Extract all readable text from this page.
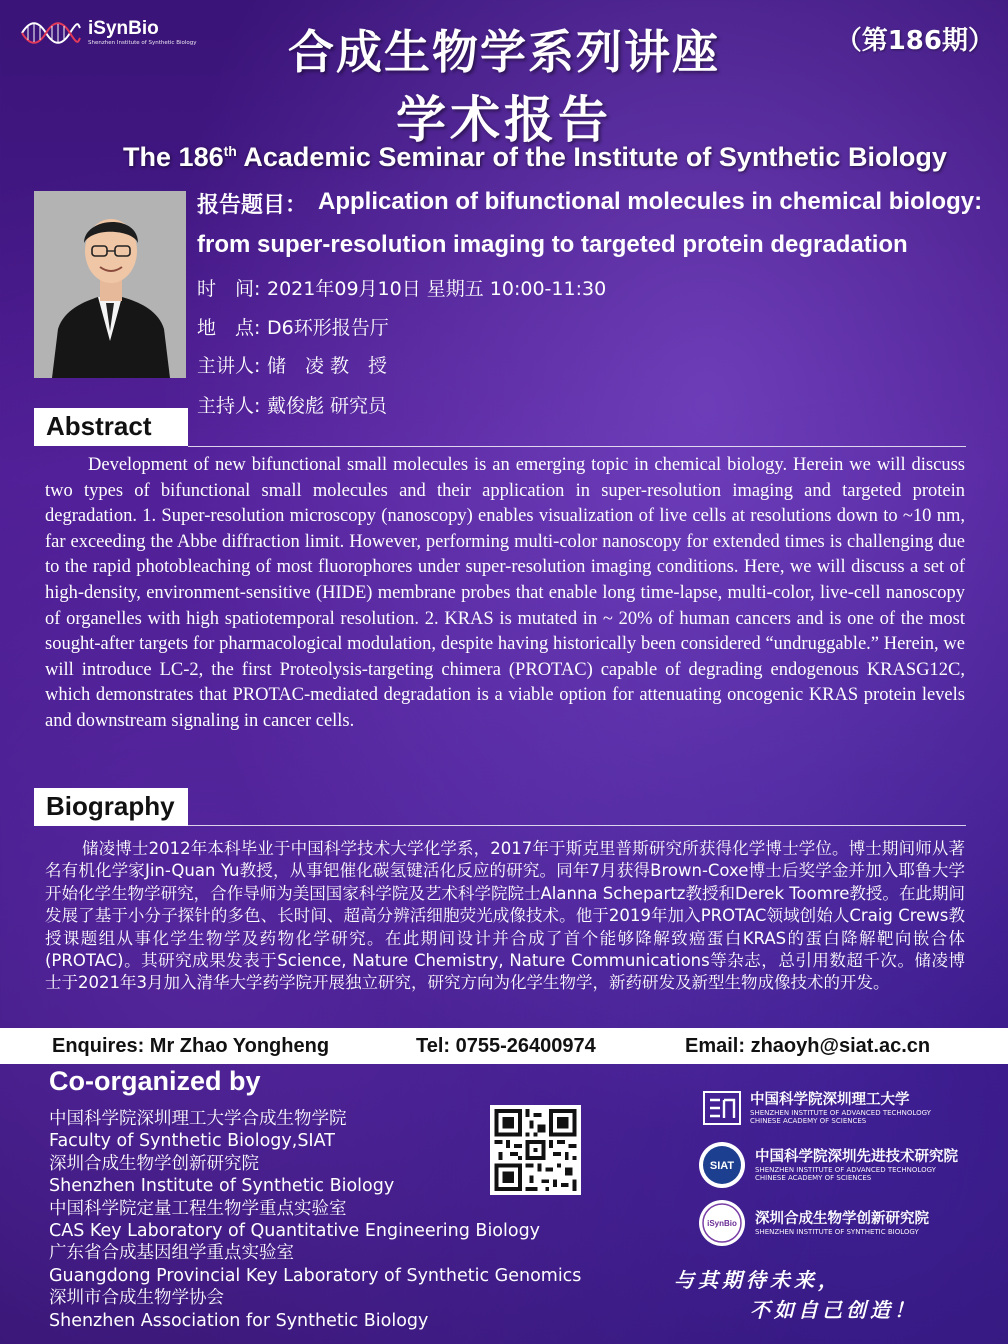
iSynBio
Shenzhen Institute of Synthetic Biology	合成生物学系列讲座	（第186期）
学术报告
The 186th Academic Seminar of the Institute of Synthetic Biology
报告题目： Application of bifunctional molecules in chemical biology:
from super-resolution imaging to targeted protein degradation
时　间: 2021年09月10日 星期五 10:00-11:30
地　点: D6环形报告厅
主讲人: 储　凌 教　授
主持人: 戴俊彪 研究员
Abstract
Development of new bifunctional small molecules is an emerging topic in chemical biology. Herein we will discuss two types of bifunctional small molecules and their application in super-resolution imaging and targeted protein degradation. 1. Super-resolution microscopy (nanoscopy) enables visualization of live cells at resolutions down to ~10 nm, far exceeding the Abbe diffraction limit. However, performing multi-color nanoscopy for extended times is challenging due to the rapid photobleaching of most fluorophores under super-resolution imaging conditions. Here, we will discuss a set of high-density, environment-sensitive (HIDE) membrane probes that enable long time-lapse, multi-color, live-cell nanoscopy of organelles with high spatiotemporal resolution. 2. KRAS is mutated in ~ 20% of human cancers and is one of the most sought-after targets for pharmacological modulation, despite having historically been considered “undruggable.” Herein, we will introduce LC-2, the first Proteolysis-targeting chimera (PROTAC) capable of degrading endogenous KRASG12C, which demonstrates that PROTAC-mediated degradation is a viable option for attenuating oncogenic KRAS protein levels and downstream signaling in cancer cells.
Biography
储凌博士2012年本科毕业于中国科学技术大学化学系，2017年于斯克里普斯研究所获得化学博士学位。博士期间师从著名有机化学家Jin-Quan Yu教授，从事钯催化碳氢键活化反应的研究。同年7月获得Brown-Coxe博士后奖学金并加入耶鲁大学开始化学生物学研究，合作导师为美国国家科学院及艺术科学院院士Alanna Schepartz教授和Derek Toomre教授。在此期间发展了基于小分子探针的多色、长时间、超高分辨活细胞荧光成像技术。他于2019年加入PROTAC领域创始人Craig Crews教授课题组从事化学生物学及药物化学研究。在此期间设计并合成了首个能够降解致癌蛋白KRAS的蛋白降解靶向嵌合体(PROTAC)。其研究成果发表于Science, Nature Chemistry, Nature Communications等杂志，总引用数超千次。储凌博士于2021年3月加入清华大学药学院开展独立研究，研究方向为化学生物学，新药研发及新型生物成像技术的开发。
Enquires: Mr Zhao Yongheng	Tel: 0755-26400974	Email: zhaoyh@siat.ac.cn
Co-organized by
中国科学院深圳理工大学合成生物学院
Faculty of Synthetic Biology,SIAT
深圳合成生物学创新研究院
Shenzhen Institute of Synthetic Biology
中国科学院定量工程生物学重点实验室
CAS Key Laboratory of Quantitative Engineering Biology
广东省合成基因组学重点实验室
Guangdong Provincial Key Laboratory of Synthetic Genomics
深圳市合成生物学协会
Shenzhen Association for Synthetic Biology
中国科学院深圳理工大学
SHENZHEN INSTITUTE OF ADVANCED TECHNOLOGY
CHINESE ACADEMY OF SCIENCES
SIAT
中国科学院深圳先进技术研究院
SHENZHEN INSTITUTE OF ADVANCED TECHNOLOGY
CHINESE ACADEMY OF SCIENCES
iSynBio 深圳合成生物学创新研究院
SHENZHEN INSTITUTE OF SYNTHETIC BIOLOGY
与其期待未来，
不如自己创造！
